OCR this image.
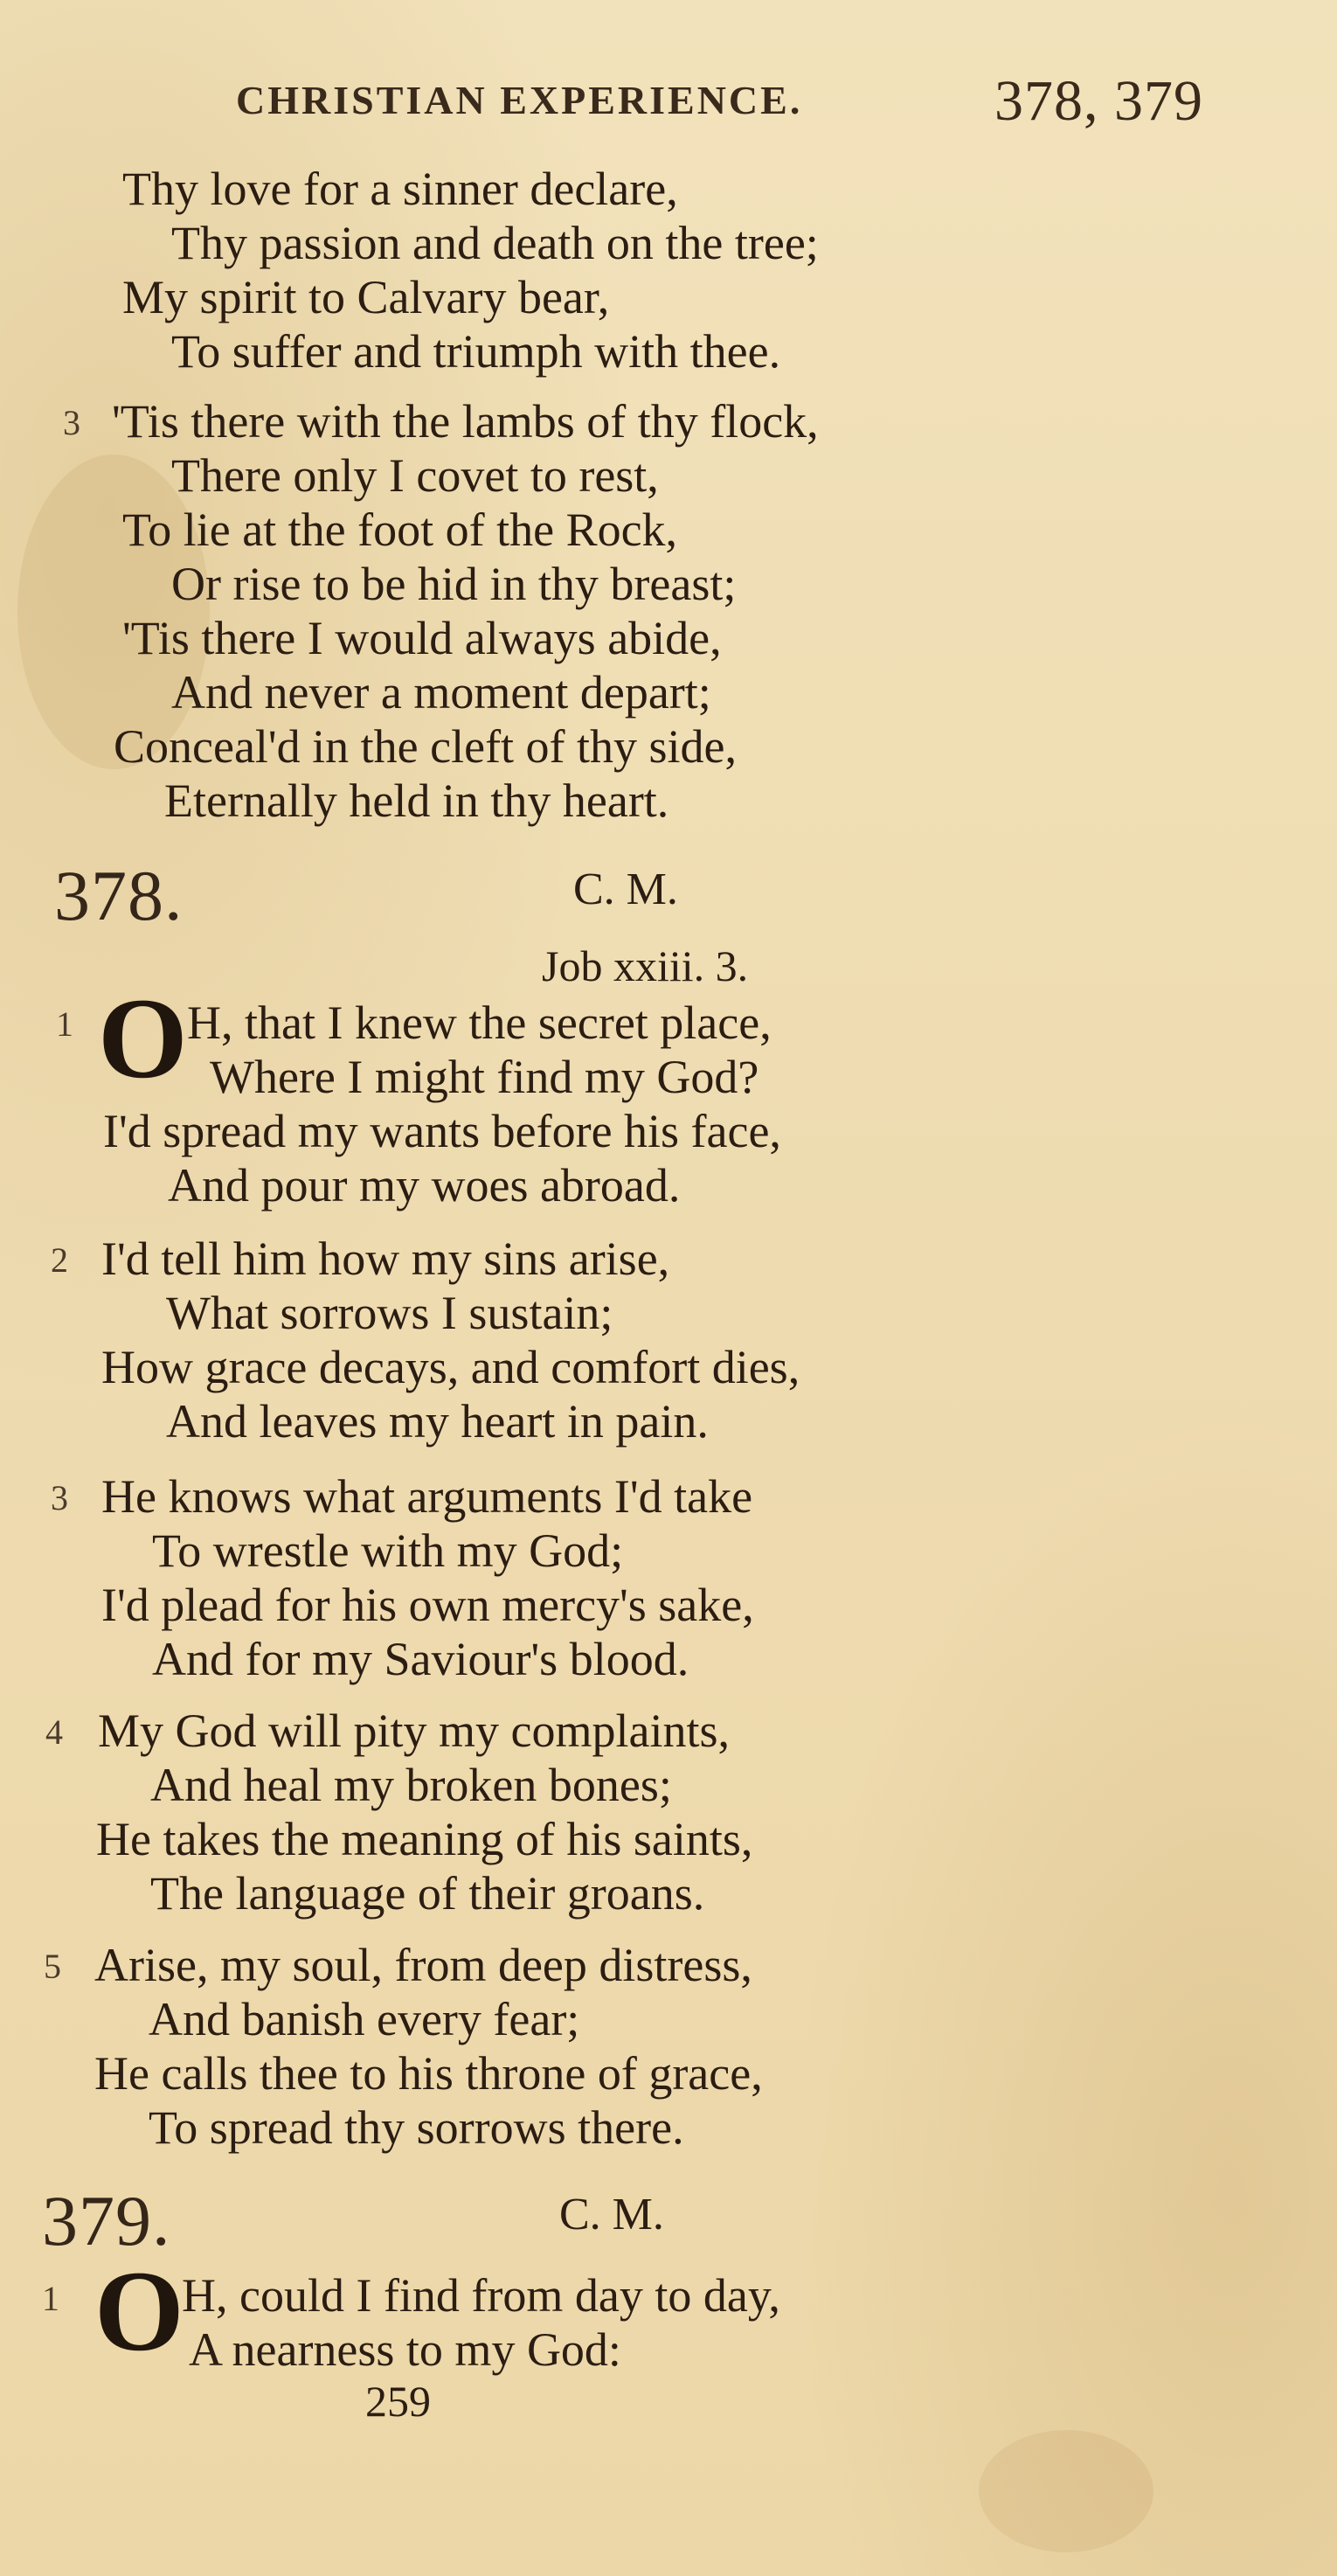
CHRISTIAN EXPERIENCE.	378, 379
Thy love for a sinner declare,
Thy passion and death on the tree;
My spirit to Calvary bear,
To suffer and triumph with thee.
3 'Tis there with the lambs of thy flock,
There only I covet to rest,
To lie at the foot of the Rock,
Or rise to be hid in thy breast;
'Tis there I would always abide,
And never a moment depart;
Conceal'd in the cleft of thy side,
Eternally held in thy heart.
378.	C. M.
Job xxiii. 3.
1 O H, that I knew the secret place,
Where I might find my God?
I'd spread my wants before his face,
And pour my woes abroad.
2 I'd tell him how my sins arise,
What sorrows I sustain;
How grace decays, and comfort dies,
And leaves my heart in pain.
3 He knows what arguments I'd take
To wrestle with my God;
I'd plead for his own mercy's sake,
And for my Saviour's blood.
4 My God will pity my complaints,
And heal my broken bones;
He takes the meaning of his saints,
The language of their groans.
5 Arise, my soul, from deep distress,
And banish every fear;
He calls thee to his throne of grace,
To spread thy sorrows there.
379.	C. M.
1 O
H, could I find from day to day,
A nearness to my God:
259
